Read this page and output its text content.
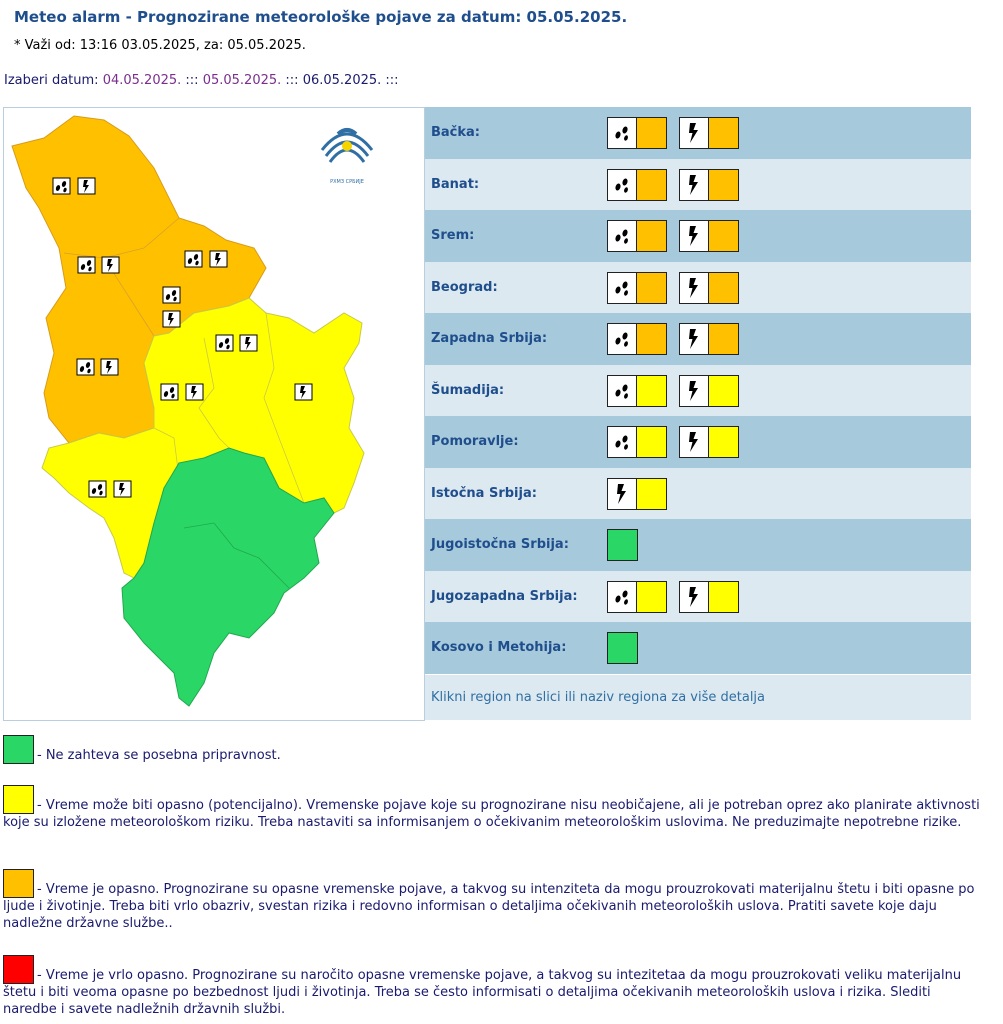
Meteo alarm - Prognozirane meteorološke pojave za datum: 05.05.2025.
* Važi od: 13:16 03.05.2025, za: 05.05.2025.
Izaberi datum: 04.05.2025. ::: 05.05.2025. ::: 06.05.2025. :::
РХМЗ СРБИЈЕ
Bačka:
Banat:
Srem:
Beograd:
Zapadna Srbija:
Šumadija:
Pomoravlje:
Istočna Srbija:
Jugoistočna Srbija:
Jugozapadna Srbija:
Kosovo i Metohija:
Klikni region na slici ili naziv regiona za više detalja
- Ne zahteva se posebna pripravnost.
- Vreme može biti opasno (potencijalno). Vremenske pojave koje su prognozirane nisu neobičajene, ali je potreban oprez ako planirate aktivnosti koje su izložene meteorološkom riziku. Treba nastaviti sa informisanjem o očekivanim meteorološkim uslovima. Ne preduzimajte nepotrebne rizike.
- Vreme je opasno. Prognozirane su opasne vremenske pojave, a takvog su intenziteta da mogu prouzrokovati materijalnu štetu i biti opasne po ljude i životinje. Treba biti vrlo obazriv, svestan rizika i redovno informisan o detaljima očekivanih meteoroloških uslova. Pratiti savete koje daju nadležne državne službe..
- Vreme je vrlo opasno. Prognozirane su naročito opasne vremenske pojave, a takvog su intezitetaa da mogu prouzrokovati veliku materijalnu štetu i biti veoma opasne po bezbednost ljudi i životinja. Treba se često informisati o detaljima očekivanih meteoroloških uslova i rizika. Slediti naredbe i savete nadležnih državnih službi.
